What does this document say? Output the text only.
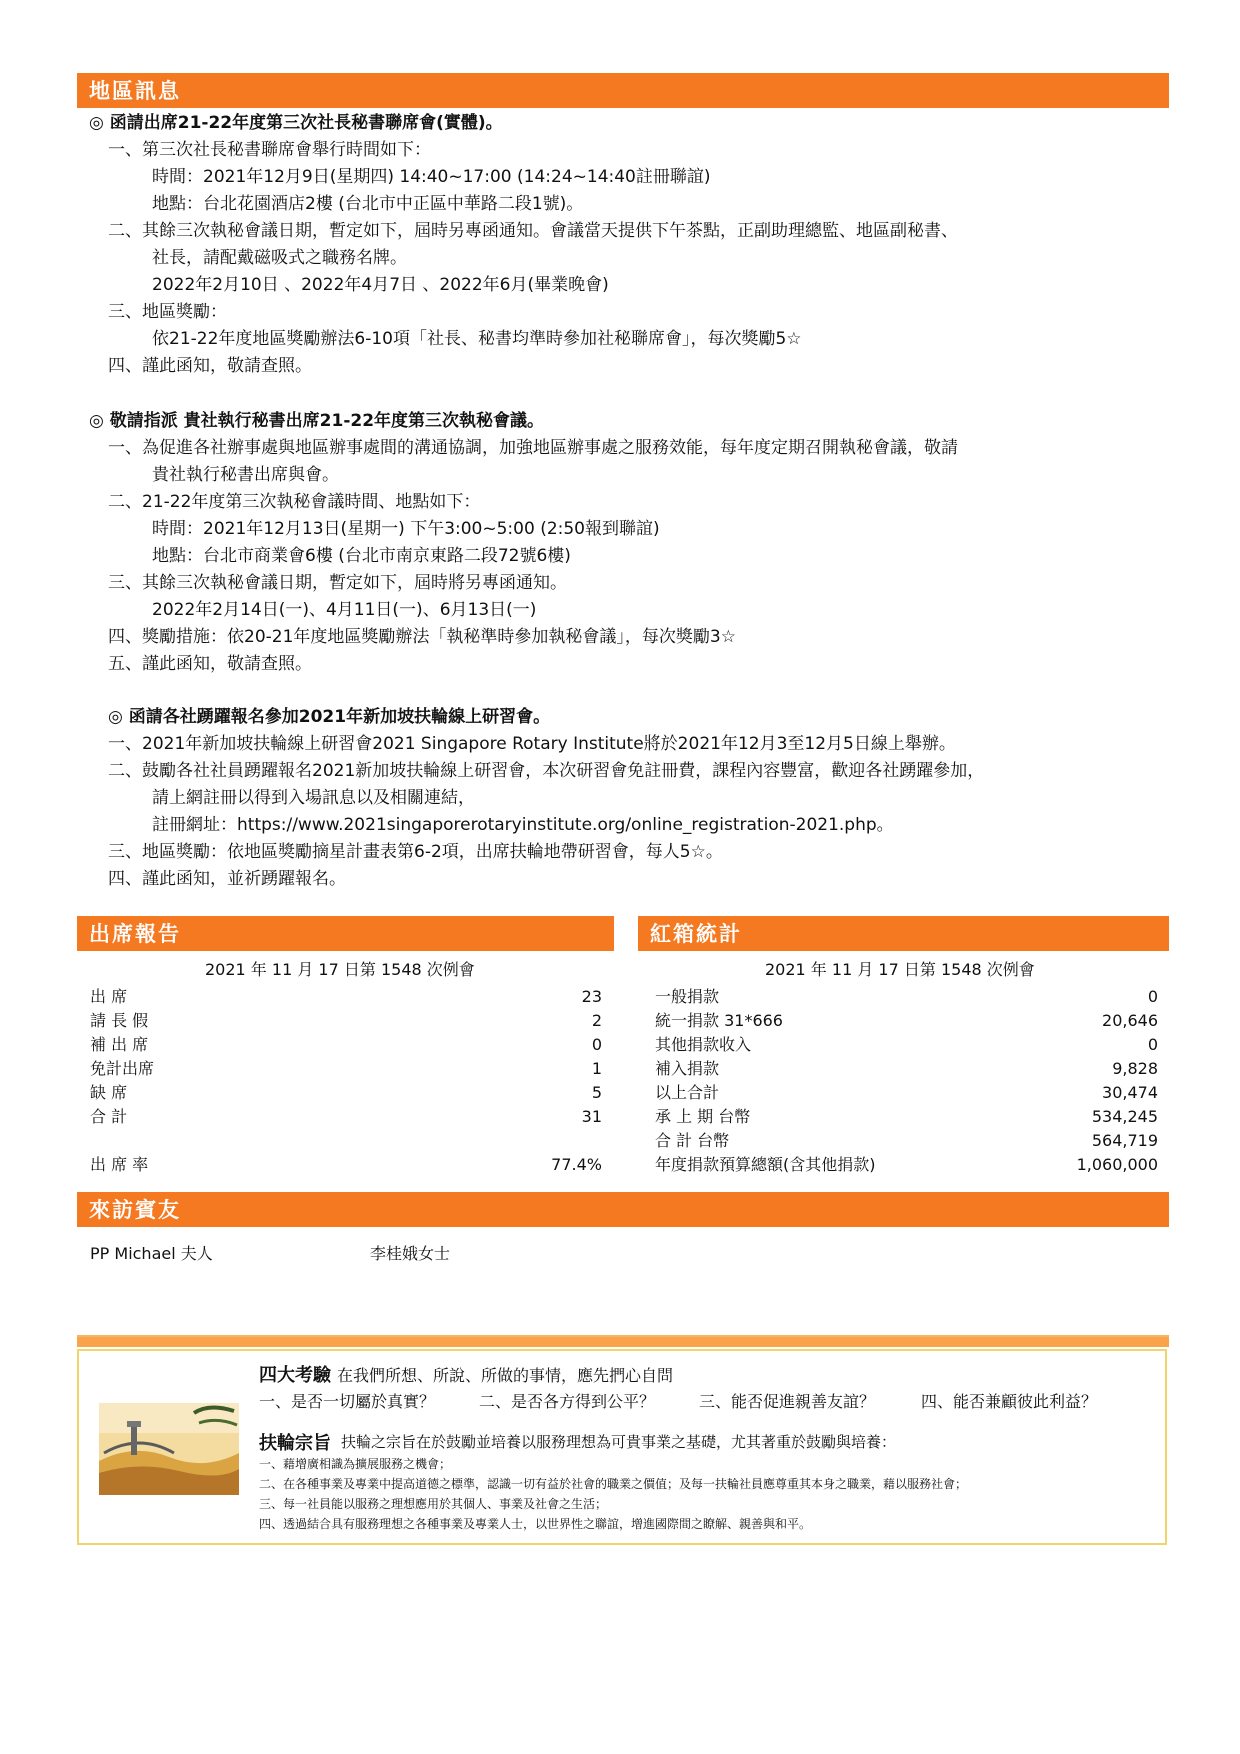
地區訊息
◎ 函請出席21-22年度第三次社長秘書聯席會(實體)。
一、第三次社長秘書聯席會舉行時間如下：
時間：2021年12月9日(星期四) 14:40~17:00 (14:24~14:40註冊聯誼)
地點：台北花園酒店2樓 (台北市中正區中華路二段1號)。
二、其餘三次執秘會議日期，暫定如下，屆時另專函通知。會議當天提供下午茶點，正副助理總監、地區副秘書、
社長，請配戴磁吸式之職務名牌。
2022年2月10日 、2022年4月7日 、2022年6月(畢業晚會)
三、地區獎勵：
依21-22年度地區獎勵辦法6-10項「社長、秘書均準時參加社秘聯席會」，每次獎勵5☆
四、謹此函知，敬請查照。
◎ 敬請指派 貴社執行秘書出席21-22年度第三次執秘會議。
一、為促進各社辦事處與地區辦事處間的溝通協調，加強地區辦事處之服務效能，每年度定期召開執秘會議，敬請
貴社執行秘書出席與會。
二、21-22年度第三次執秘會議時間、地點如下：
時間：2021年12月13日(星期一) 下午3:00~5:00 (2:50報到聯誼)
地點：台北市商業會6樓 (台北市南京東路二段72號6樓)
三、其餘三次執秘會議日期，暫定如下，屆時將另專函通知。
2022年2月14日(一)、4月11日(一)、6月13日(一)
四、獎勵措施：依20-21年度地區獎勵辦法「執秘準時參加執秘會議」，每次獎勵3☆
五、謹此函知，敬請查照。
◎ 函請各社踴躍報名參加2021年新加坡扶輪線上研習會。
一、2021年新加坡扶輪線上研習會2021 Singapore Rotary Institute將於2021年12月3至12月5日線上舉辦。
二、鼓勵各社社員踴躍報名2021新加坡扶輪線上研習會，本次研習會免註冊費，課程內容豐富，歡迎各社踴躍參加，
請上網註冊以得到入場訊息以及相關連結，
註冊網址：https://www.2021singaporerotaryinstitute.org/online_registration-2021.php。
三、地區獎勵：依地區獎勵摘星計畫表第6-2項，出席扶輪地帶研習會，每人5☆。
四、謹此函知，並祈踴躍報名。
出席報告	紅箱統計
2021 年 11 月 17 日第 1548 次例會
出 席	23
請 長 假	2
補 出 席	0
免計出席	1
缺 席	5
合 計	31
出 席 率	77.4%
2021 年 11 月 17 日第 1548 次例會
一般捐款	0
統一捐款 31*666	20,646
其他捐款收入	0
補入捐款	9,828
以上合計	30,474
承 上 期 台幣	534,245
合 計 台幣	564,719
年度捐款預算總額(含其他捐款)	1,060,000
來訪賓友
PP Michael 夫人	李桂娥女士
四大考驗 在我們所想、所說、所做的事情，應先捫心自問
一、是否一切屬於真實？	二、是否各方得到公平？	三、能否促進親善友誼？	四、能否兼顧彼此利益？
扶輪宗旨 扶輪之宗旨在於鼓勵並培養以服務理想為可貴事業之基礎，尤其著重於鼓勵與培養：
一、藉增廣相識為擴展服務之機會；
二、在各種事業及專業中提高道德之標準，認識一切有益於社會的職業之價值；及每一扶輪社員應尊重其本身之職業，藉以服務社會；
三、每一社員能以服務之理想應用於其個人、事業及社會之生活；
四、透過結合具有服務理想之各種事業及專業人士，以世界性之聯誼，增進國際間之瞭解、親善與和平。
